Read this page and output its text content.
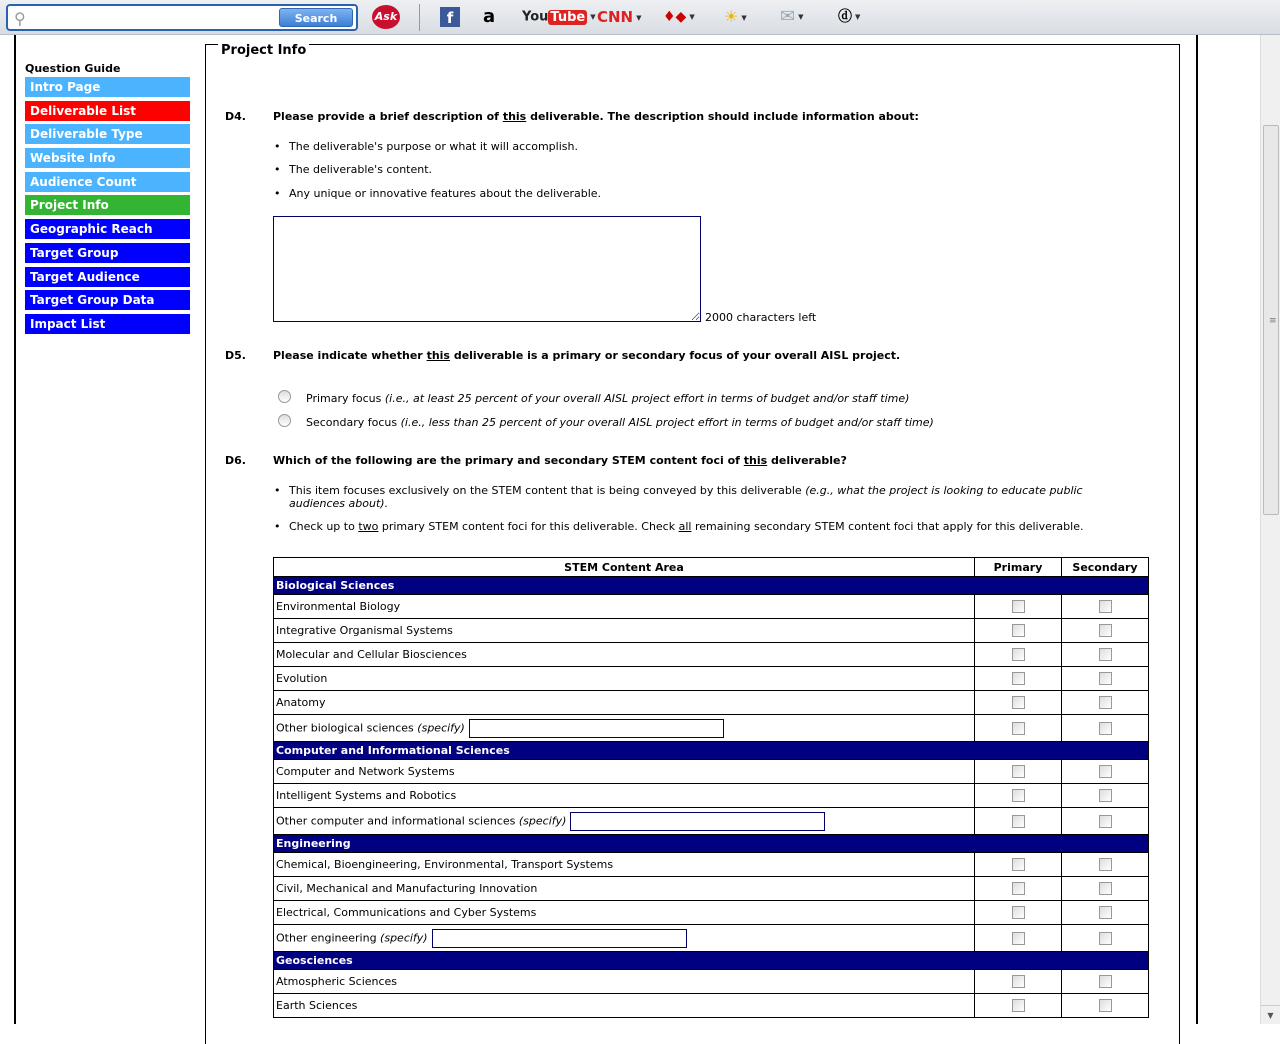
⚲	Search	Ask	f	a You Tube ▼ CNN ▼ ♦◆ ▼ ☀ ▼ ✉ ▼ ⓓ ▼
≡
▼
Question Guide
Intro Page
Deliverable List
Deliverable Type
Website Info
Audience Count
Project Info
Geographic Reach
Target Group
Target Audience
Target Group Data
Impact List
Project Info
D4. Please provide a brief description of this deliverable. The description should include information about:
• The deliverable's purpose or what it will accomplish.
• The deliverable's content.
• Any unique or innovative features about the deliverable.
2000 characters left
D5. Please indicate whether this deliverable is a primary or secondary focus of your overall AISL project.
Primary focus (i.e., at least 25 percent of your overall AISL project effort in terms of budget and/or staff time)
Secondary focus (i.e., less than 25 percent of your overall AISL project effort in terms of budget and/or staff time)
D6. Which of the following are the primary and secondary STEM content foci of this deliverable?
• This item focuses exclusively on the STEM content that is being conveyed by this deliverable (e.g., what the project is looking to educate public audiences about).
• Check up to two primary STEM content foci for this deliverable. Check all remaining secondary STEM content foci that apply for this deliverable.
STEM Content Area	Primary	Secondary
Biological Sciences		
Environmental Biology		
Integrative Organismal Systems		
Molecular and Cellular Biosciences		
Evolution		
Anatomy		
Other biological sciences (specify)		
Computer and Informational Sciences		
Computer and Network Systems		
Intelligent Systems and Robotics		
Other computer and informational sciences (specify)		
Engineering		
Chemical, Bioengineering, Environmental, Transport Systems		
Civil, Mechanical and Manufacturing Innovation		
Electrical, Communications and Cyber Systems		
Other engineering (specify)		
Geosciences		
Atmospheric Sciences		
Earth Sciences		
